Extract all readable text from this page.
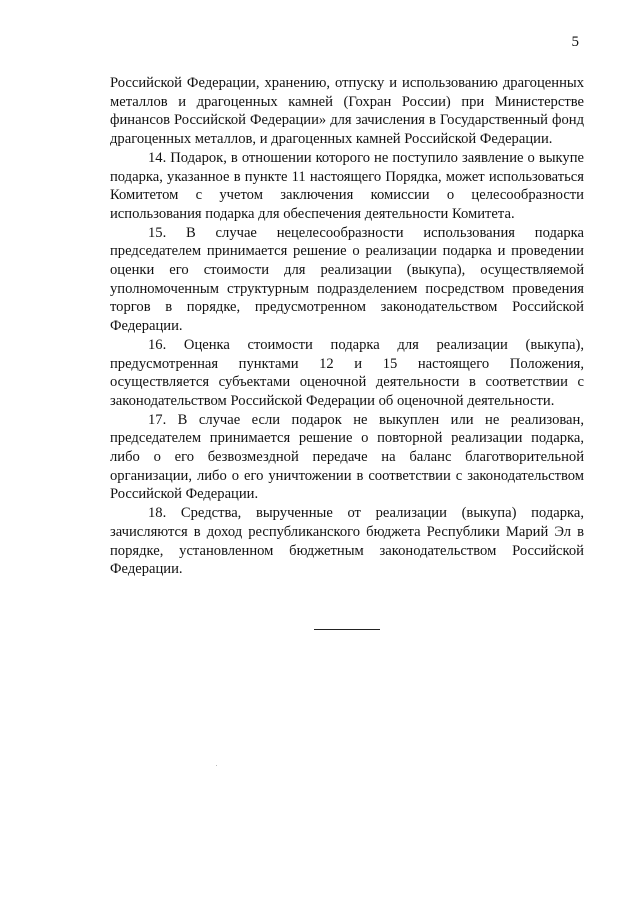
5

Российской Федерации, хранению, отпуску и использованию драгоценных металлов и драгоценных камней (Гохран России) при Министерстве финансов Российской Федерации» для зачисления в Государственный фонд драгоценных металлов, и драгоценных камней Российской Федерации.

14. Подарок, в отношении которого не поступило заявление о выкупе подарка, указанное в пункте 11 настоящего Порядка, может использоваться Комитетом с учетом заключения комиссии о целесообразности использования подарка для обеспечения деятельности Комитета.

15. В случае нецелесообразности использования подарка председателем принимается решение о реализации подарка и проведении оценки его стоимости для реализации (выкупа), осуществляемой уполномоченным структурным подразделением посредством проведения торгов в порядке, предусмотренном законодательством Российской Федерации.

16. Оценка стоимости подарка для реализации (выкупа), предусмотренная пунктами 12 и 15 настоящего Положения, осуществляется субъектами оценочной деятельности в соответствии с законодательством Российской Федерации об оценочной деятельности.

17. В случае если подарок не выкуплен или не реализован, председателем принимается решение о повторной реализации подарка, либо о его безвозмездной передаче на баланс благотворительной организации, либо о его уничтожении в соответствии с законодательством Российской Федерации.

18. Средства, вырученные от реализации (выкупа) подарка, зачисляются в доход республиканского бюджета Республики Марий Эл в порядке, установленном бюджетным законодательством Российской Федерации.
